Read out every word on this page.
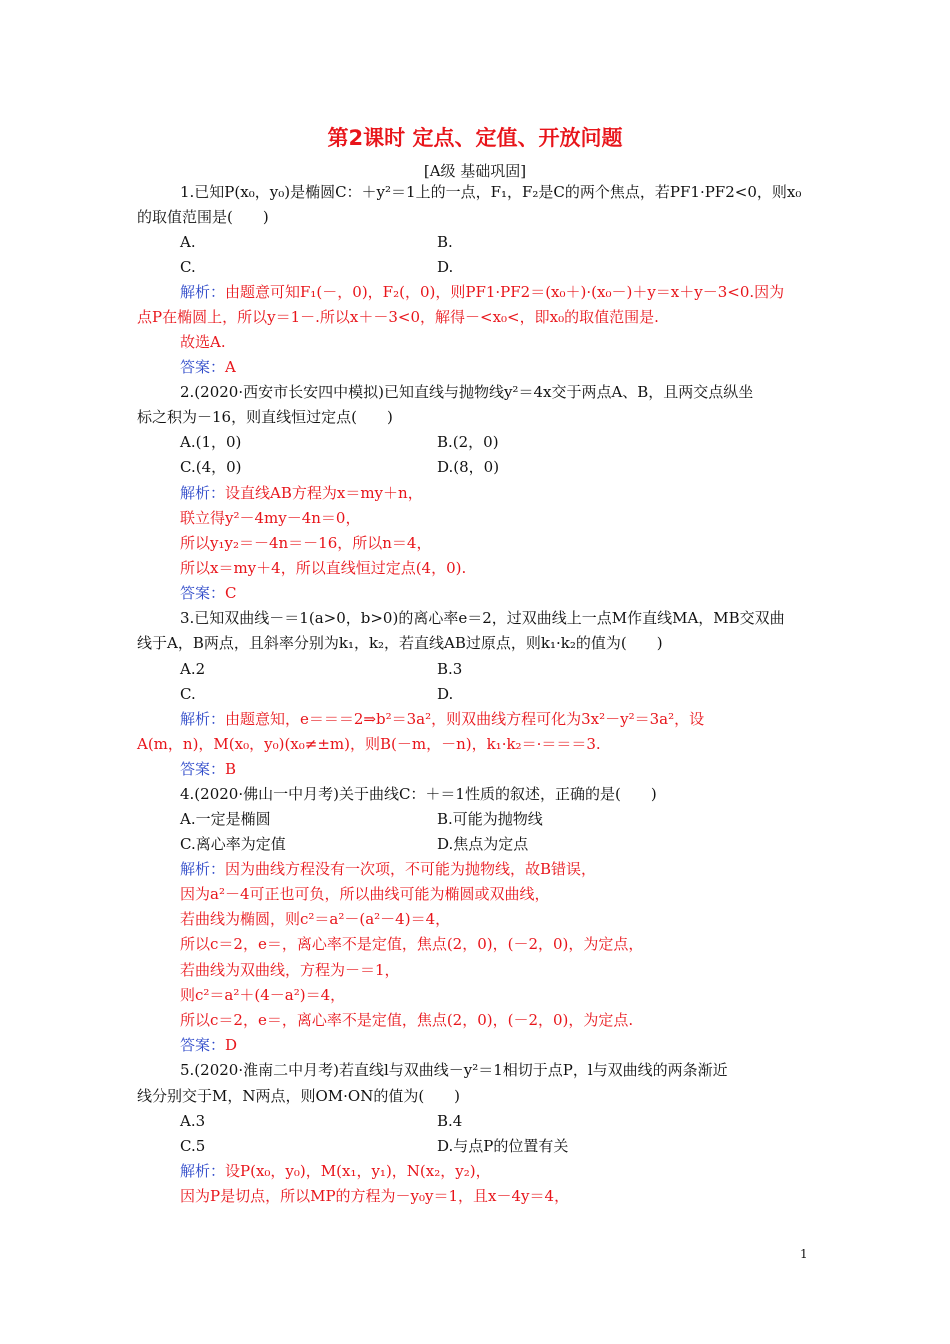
第2课时 定点、定值、开放问题
[A级 基础巩固]
1.已知P(x₀，y₀)是椭圆C：＋y²＝1上的一点，F₁，F₂是C的两个焦点，若PF1·PF2<0，则x₀
的取值范围是(　　)
A.	B.
C.	D.
解析：由题意可知F₁(－，0)，F₂(，0)，则PF1·PF2＝(x₀＋)·(x₀－)＋y＝x＋y－3<0.因为
点P在椭圆上，所以y＝1－.所以x＋－3<0，解得－<x₀<，即x₀的取值范围是.
故选A.
答案：A
2.(2020·西安市长安四中模拟)已知直线与抛物线y²＝4x交于两点A、B，且两交点纵坐
标之积为－16，则直线恒过定点(　　)
A.(1，0)	B.(2，0)
C.(4，0)	D.(8，0)
解析：设直线AB方程为x＝my＋n，
联立得y²－4my－4n＝0，
所以y₁y₂＝－4n＝－16，所以n＝4，
所以x＝my＋4，所以直线恒过定点(4，0).
答案：C
3.已知双曲线－＝1(a>0，b>0)的离心率e＝2，过双曲线上一点M作直线MA，MB交双曲
线于A，B两点，且斜率分别为k₁，k₂，若直线AB过原点，则k₁·k₂的值为(　　)
A.2	B.3
C.	D.
解析：由题意知，e＝＝＝2⇒b²＝3a²，则双曲线方程可化为3x²－y²＝3a²，设
A(m，n)，M(x₀，y₀)(x₀≠±m)，则B(－m，－n)，k₁·k₂＝·＝＝＝3.
答案：B
4.(2020·佛山一中月考)关于曲线C：＋＝1性质的叙述，正确的是(　　)
A.一定是椭圆	B.可能为抛物线
C.离心率为定值	D.焦点为定点
解析：因为曲线方程没有一次项，不可能为抛物线，故B错误，
因为a²－4可正也可负，所以曲线可能为椭圆或双曲线，
若曲线为椭圆，则c²＝a²－(a²－4)＝4，
所以c＝2，e＝，离心率不是定值，焦点(2，0)，(－2，0)，为定点，
若曲线为双曲线，方程为－＝1，
则c²＝a²＋(4－a²)＝4，
所以c＝2，e＝，离心率不是定值，焦点(2，0)，(－2，0)，为定点.
答案：D
5.(2020·淮南二中月考)若直线l与双曲线－y²＝1相切于点P，l与双曲线的两条渐近
线分别交于M，N两点，则OM·ON的值为(　　)
A.3	B.4
C.5	D.与点P的位置有关
解析：设P(x₀，y₀)，M(x₁，y₁)，N(x₂，y₂)，
因为P是切点，所以MP的方程为－y₀y＝1，且x－4y＝4，
1
